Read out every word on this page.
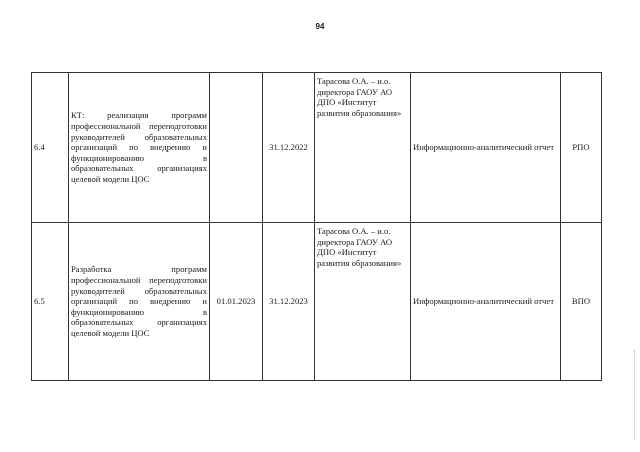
94
6.4	КТ: реализация программ профессиональной переподготовки руководителей образовательных организаций по внедрению и функционированию в образовательных организациях целевой модели ЦОС		31.12.2022	Тарасова О.А. – и.о. директора ГАОУ АО ДПО «Институт развития образования»	Информационно-аналитический отчет	РПО
6.5	Разработка программ профессиональной переподготовки руководителей образовательных организаций по внедрению и функционированию в образовательных организациях целевой модели ЦОС	01.01.2023	31.12.2023	Тарасова О.А. – и.о. директора ГАОУ АО ДПО «Институт развития образования»	Информационно-аналитический отчет	ВПО
